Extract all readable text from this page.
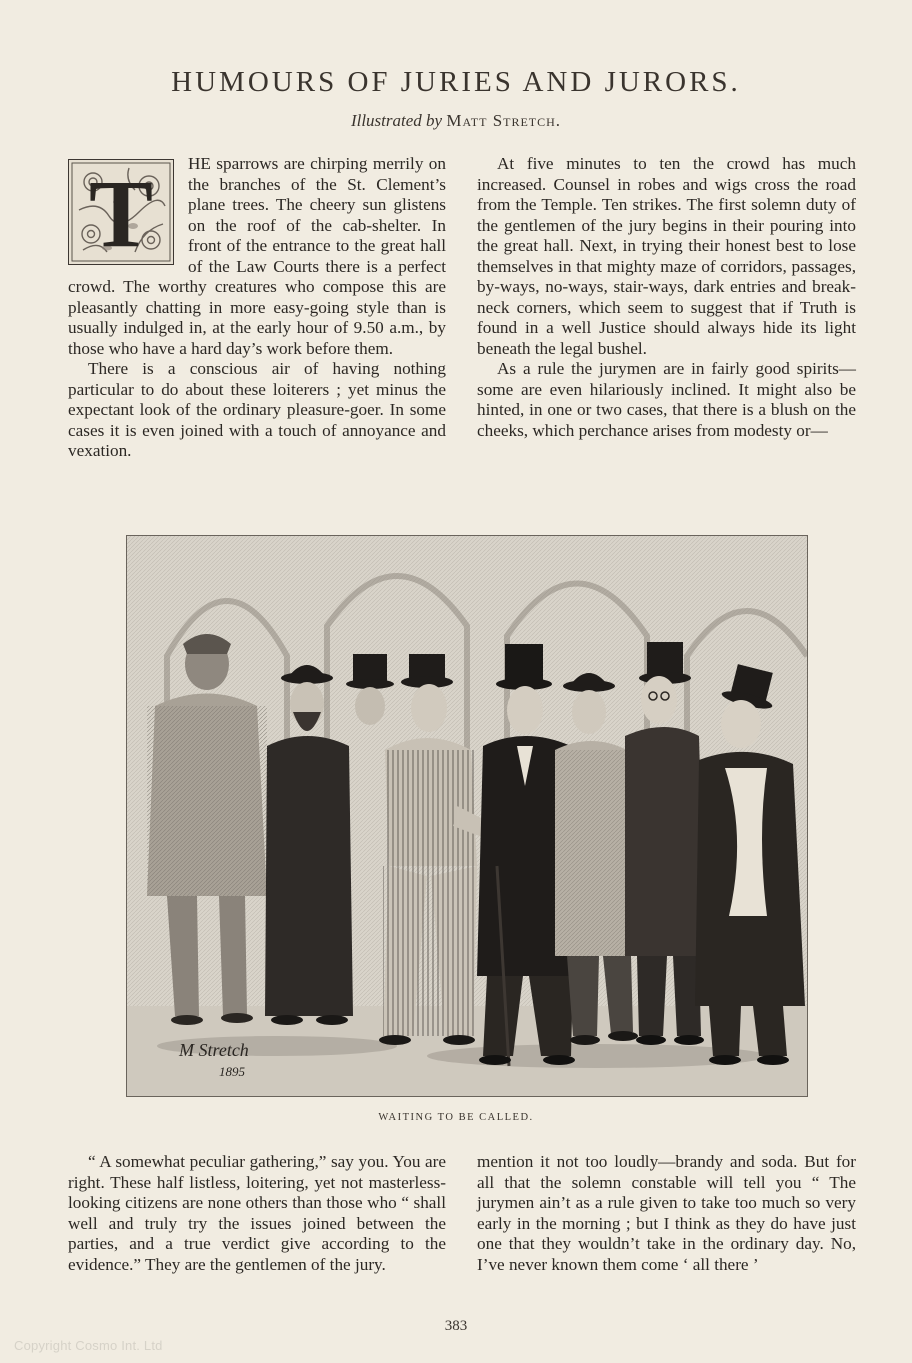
HUMOURS OF JURIES AND JURORS.
Illustrated by Matt Stretch.

T HE sparrows are chirping merrily on the branches of the St. Clement’s plane trees. The cheery sun glistens on the roof of the cab-shelter. In front of the entrance to the great hall of the Law Courts there is a perfect crowd. The worthy creatures who compose this are pleasantly chatting in more easy-going style than is usually indulged in, at the early hour of 9.50 a.m., by those who have a hard day’s work before them.

There is a conscious air of having nothing particular to do about these loiterers ; yet minus the expectant look of the ordinary pleasure-goer. In some cases it is even joined with a touch of annoyance and vexation.

At five minutes to ten the crowd has much increased. Counsel in robes and wigs cross the road from the Temple. Ten strikes. The first solemn duty of the gentlemen of the jury begins in their pouring into the great hall. Next, in trying their honest best to lose themselves in that mighty maze of corridors, passages, by-ways, no-ways, stair-ways, dark entries and break-neck corners, which seem to suggest that if Truth is found in a well Justice should always hide its light beneath the legal bushel.

As a rule the jurymen are in fairly good spirits—some are even hilariously inclined. It might also be hinted, in one or two cases, that there is a blush on the cheeks, which perchance arises from modesty or—

M Stretch
1895
WAITING TO BE CALLED.

“ A somewhat peculiar gathering,” say you. You are right. These half listless, loitering, yet not masterless-looking citizens are none others than those who “ shall well and truly try the issues joined between the parties, and a true verdict give according to the evidence.” They are the gentlemen of the jury.

mention it not too loudly—brandy and soda. But for all that the solemn constable will tell you “ The jurymen ain’t as a rule given to take too much so very early in the morning ; but I think as they do have just one that they wouldn’t take in the ordinary day. No, I’ve never known them come ‘ all there ’

383
Copyright Cosmo Int. Ltd
